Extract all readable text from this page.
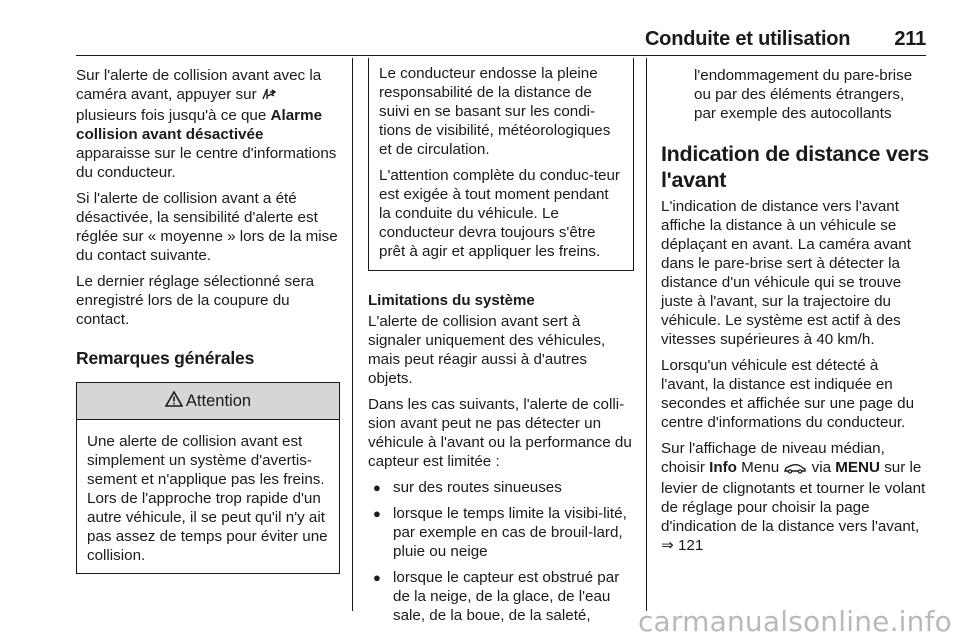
Conduite et utilisation 211

Sur l'alerte de collision avant avec la caméra avant, appuyer sur  plusieurs fois jusqu'à ce que Alarme collision avant désactivée apparaisse sur le centre d'informations du conducteur.

Si l'alerte de collision avant a été désactivée, la sensibilité d'alerte est réglée sur « moyenne » lors de la mise du contact suivante.

Le dernier réglage sélectionné sera enregistré lors de la coupure du contact.

Remarques générales
Attention
Une alerte de collision avant est simplement un système d'avertis-sement et n'applique pas les freins. Lors de l'approche trop rapide d'un autre véhicule, il se peut qu'il n'y ait pas assez de temps pour éviter une collision.

Le conducteur endosse la pleine responsabilité de la distance de suivi en se basant sur les condi-tions de visibilité, météorologiques et de circulation.

L'attention complète du conduc-teur est exigée à tout moment pendant la conduite du véhicule. Le conducteur devra toujours s'être prêt à agir et appliquer les freins.

Limitations du système

L'alerte de collision avant sert à signaler uniquement des véhicules, mais peut réagir aussi à d'autres objets.

Dans les cas suivants, l'alerte de colli-sion avant peut ne pas détecter un véhicule à l'avant ou la performance du capteur est limitée :

● sur des routes sinueuses
● lorsque le temps limite la visibi-lité, par exemple en cas de brouil-lard, pluie ou neige
● lorsque le capteur est obstrué par de la neige, de la glace, de l'eau sale, de la boue, de la saleté,

l'endommagement du pare-brise ou par des éléments étrangers, par exemple des autocollants

Indication de distance vers l'avant

L'indication de distance vers l'avant affiche la distance à un véhicule se déplaçant en avant. La caméra avant dans le pare-brise sert à détecter la distance d'un véhicule qui se trouve juste à l'avant, sur la trajectoire du véhicule. Le système est actif à des vitesses supérieures à 40 km/h.

Lorsqu'un véhicule est détecté à l'avant, la distance est indiquée en secondes et affichée sur une page du centre d'informations du conducteur.

Sur l'affichage de niveau médian, choisir Info Menu  via MENU sur le levier de clignotants et tourner le volant de réglage pour choisir la page d'indication de la distance vers l'avant, ⇒ 121

carmanualsonline.info
